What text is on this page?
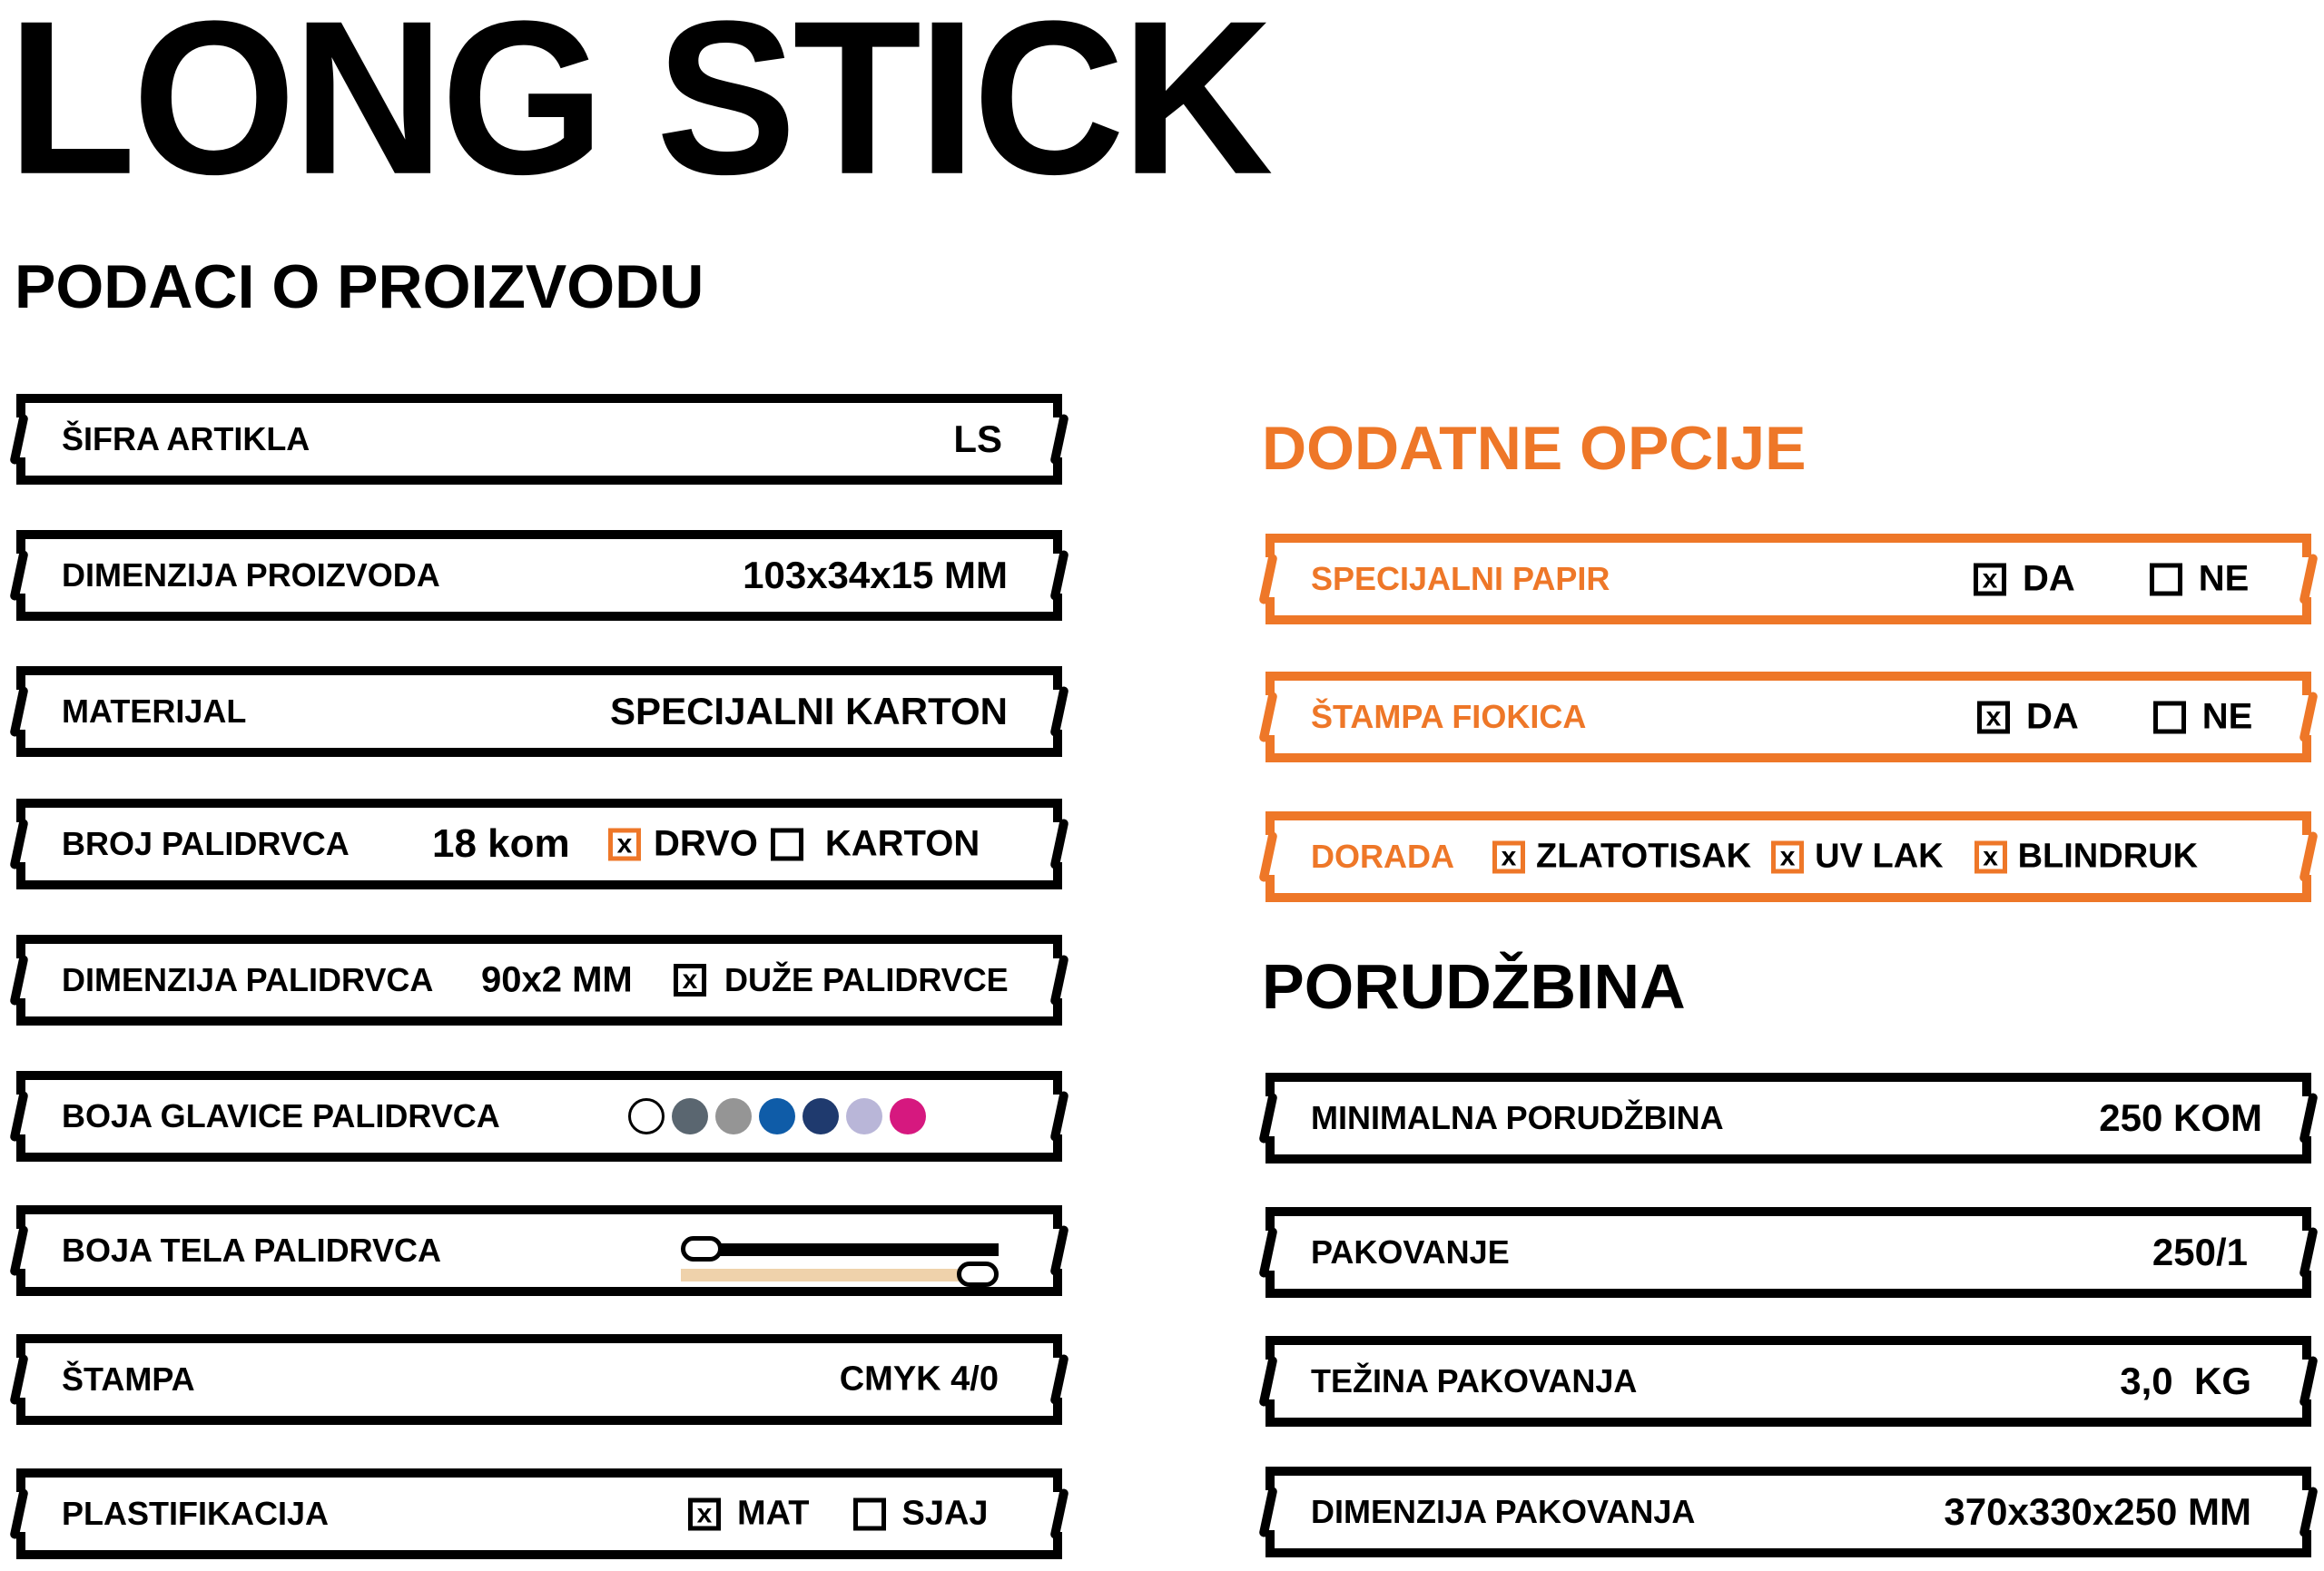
LONG STICK
PODACI O PROIZVODU
ŠIFRA ARTIKLA	LS
DIMENZIJA PROIZVODA	103x34x15 MM
MATERIJAL	SPECIJALNI KARTON
BROJ PALIDRVCA 18 kom	x DRVO KARTON
DIMENZIJA PALIDRVCA 90x2 MM	x DUŽE PALIDRVCE
BOJA GLAVICE PALIDRVCA
BOJA TELA PALIDRVCA
ŠTAMPA	CMYK 4/0
PLASTIFIKACIJA	x MAT	SJAJ
DODATNE OPCIJE
SPECIJALNI PAPIR	x DA	NE
ŠTAMPA FIOKICA	x DA	NE
DORADA	x ZLATOTISAK	x UV LAK	x BLINDRUK
PORUDŽBINA
MINIMALNA PORUDŽBINA	250 KOM
PAKOVANJE	250/1
TEŽINA PAKOVANJA	3,0  KG
DIMENZIJA PAKOVANJA	370x330x250 MM
